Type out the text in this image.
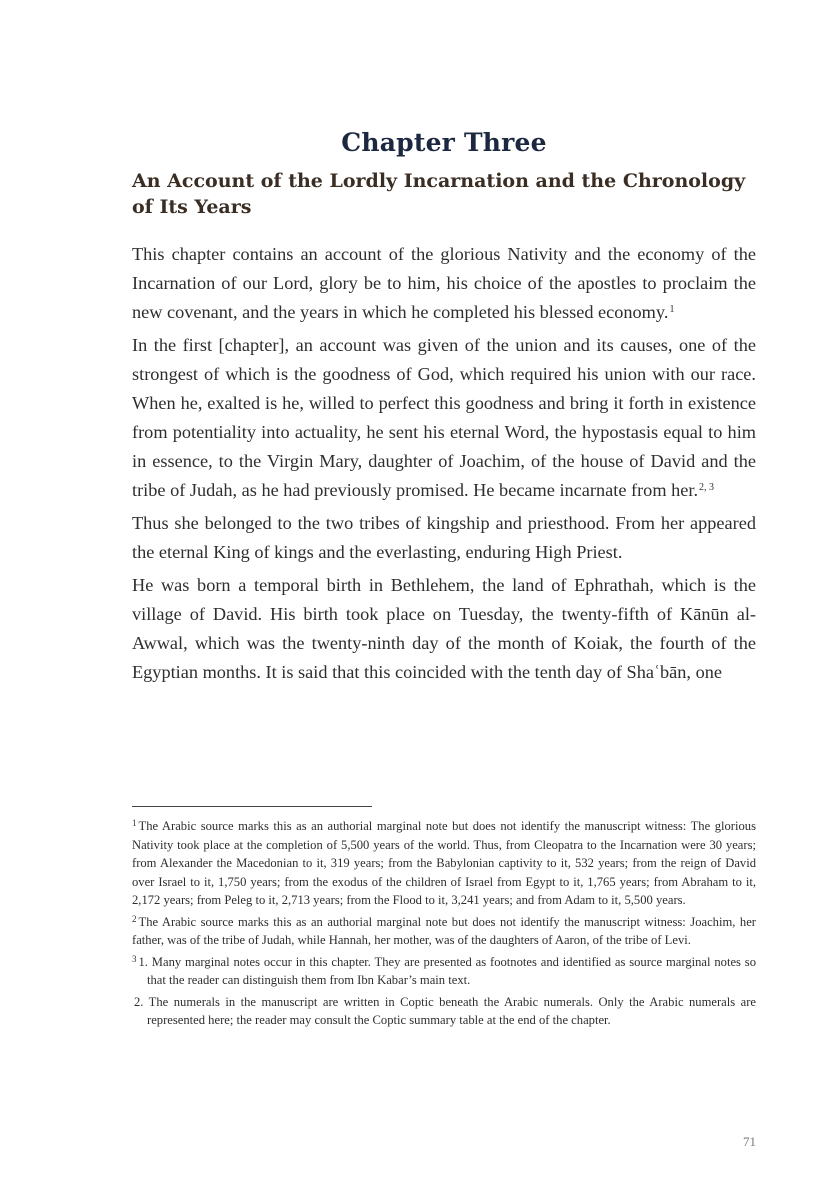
Chapter Three
An Account of the Lordly Incarnation and the Chronology of Its Years

This chapter contains an account of the glorious Nativity and the economy of the Incarnation of our Lord, glory be to him, his choice of the apostles to proclaim the new covenant, and the years in which he completed his blessed economy.$^1$

In the first [chapter], an account was given of the union and its causes, one of the strongest of which is the goodness of God, which required his union with our race. When he, exalted is he, willed to perfect this goodness and bring it forth in existence from potentiality into actuality, he sent his eternal Word, the hypostasis equal to him in essence, to the Virgin Mary, daughter of Joachim, of the house of David and the tribe of Judah, as he had previously promised. He became incarnate from her.$^{2, 3}$

Thus she belonged to the two tribes of kingship and priesthood. From her appeared the eternal King of kings and the everlasting, enduring High Priest.

He was born a temporal birth in Bethlehem, the land of Ephrathah, which is the village of David. His birth took place on Tuesday, the twenty-fifth of Kānūn al-Awwal, which was the twenty-ninth day of the month of Koiak, the fourth of the Egyptian months. It is said that this coincided with the tenth day of Shaʿbān, one

$^1$ The Arabic source marks this as an authorial marginal note but does not identify the manuscript witness: The glorious Nativity took place at the completion of 5,500 years of the world. Thus, from Cleopatra to the Incarnation were 30 years; from Alexander the Macedonian to it, 319 years; from the Babylonian captivity to it, 532 years; from the reign of David over Israel to it, 1,750 years; from the exodus of the children of Israel from Egypt to it, 1,765 years; from Abraham to it, 2,172 years; from Peleg to it, 2,713 years; from the Flood to it, 3,241 years; and from Adam to it, 5,500 years.

$^2$ The Arabic source marks this as an authorial marginal note but does not identify the manuscript witness: Joachim, her father, was of the tribe of Judah, while Hannah, her mother, was of the daughters of Aaron, of the tribe of Levi.

$^3$ 1. Many marginal notes occur in this chapter. They are presented as footnotes and identified as source marginal notes so that the reader can distinguish them from Ibn Kabar’s main text.

2. The numerals in the manuscript are written in Coptic beneath the Arabic numerals. Only the Arabic numerals are represented here; the reader may consult the Coptic summary table at the end of the chapter.

71
